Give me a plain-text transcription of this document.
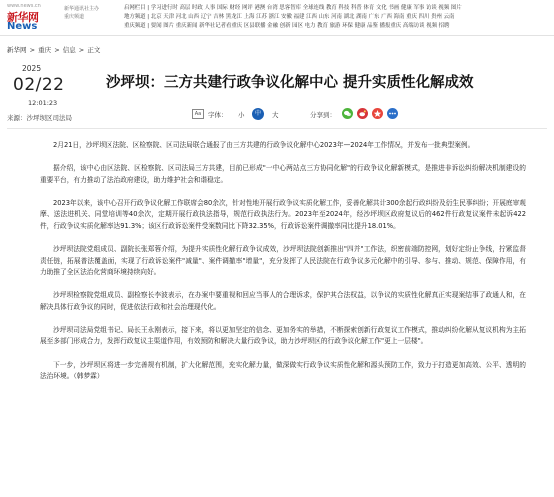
www.news.cn
新华网
News
新华通讯社主办
重庆频道
启网栏目 | 学习进行时 高层 时政 人事 国际 财经 网评 港澳 台湾 思客智库 全球连线 教育 科技 科普 体育 文化 书画 健康 军事 访谈 视频 图片
地方频道 | 北京 天津 河北 山西 辽宁 吉林 黑龙江 上海 江苏 浙江 安徽 福建 江西 山东 河南 湖北 湖南 广东 广西 海南 重庆 四川 贵州 云南
重庆频道 | 要闻 图片 重庆新闻 新华社记者看重庆 区县联播 金融 创新 园区 电力 教育 旅游 环保 健康 品鉴 播报重庆 高端访谈 视频 招聘
新华网 > 重庆 > 信息 > 正文
2025
02/22
12:01:23
来源：沙坪坝区司法局
沙坪坝：三方共建行政争议化解中心 提升实质性化解成效
Aa	字体： 小	中	大	分享到：

2月21日，沙坪坝区法院、区检察院、区司法局联合通报了由三方共建的行政争议化解中心2023年—2024年工作情况，并发布一批典型案例。

据介绍，该中心由区法院、区检察院、区司法局三方共建，目前已形成"一中心两站点三方协同化解"的行政争议化解新模式，是推进非诉讼纠纷解决机制建设的重要平台，有力推动了法治政府建设，助力维护社会和谐稳定。

2023年以来，该中心召开行政争议化解工作联席会80余次，针对性地开展行政争议实质化解工作，妥善化解共计300余起行政纠纷及衍生民事纠纷；开展庭审观摩、送法进机关、同堂培训等40余次，定期开展行政执法指导，规范行政执法行为。2023年至2024年，经沙坪坝区政府复议后的462件行政复议案件未起诉422件，行政争议实质化解率达91.3%；该区行政诉讼案件受案数同比下降32.35%，行政诉讼案件调撤率同比提升18.01%。

沙坪坝法院党组成员、副院长张郑蓉介绍，为提升实质性化解行政争议成效，沙坪坝法院创新推出"四并"工作法，织密前端防控网，划好定纷止争线，拧紧监督责任链，拓展普法覆盖面，实现了行政诉讼案件"减量"、案件调撤率"增量"，充分发挥了人民法院在行政争议多元化解中的引导、参与、推动、规范、保障作用，有力助推了全区法治化营商环境持续向好。

沙坪坝检察院党组成员、副检察长李波表示，在办案中要重视和回应当事人的合理诉求，保护其合法权益，以争议的实质性化解真正实现案结事了政通人和，在解决具体行政争议的同时，促进依法行政和社会治理现代化。

沙坪坝司法局党组书记、局长王永刚表示，接下来，将以更加坚定的信念、更加务实的举措，不断探索创新行政复议工作模式，推动纠纷化解从复议机构为主拓展至多部门形成合力，发挥行政复议主渠道作用，有效预防和解决大量行政争议，助力沙坪坝区的行政争议化解工作"更上一层楼"。

下一步，沙坪坝区将进一步完善规有机制，扩大化解范围，充实化解力量，做深做实行政争议实质性化解和源头预防工作，致力于打造更加高效、公平、透明的法治环境。（韩梦霖）
